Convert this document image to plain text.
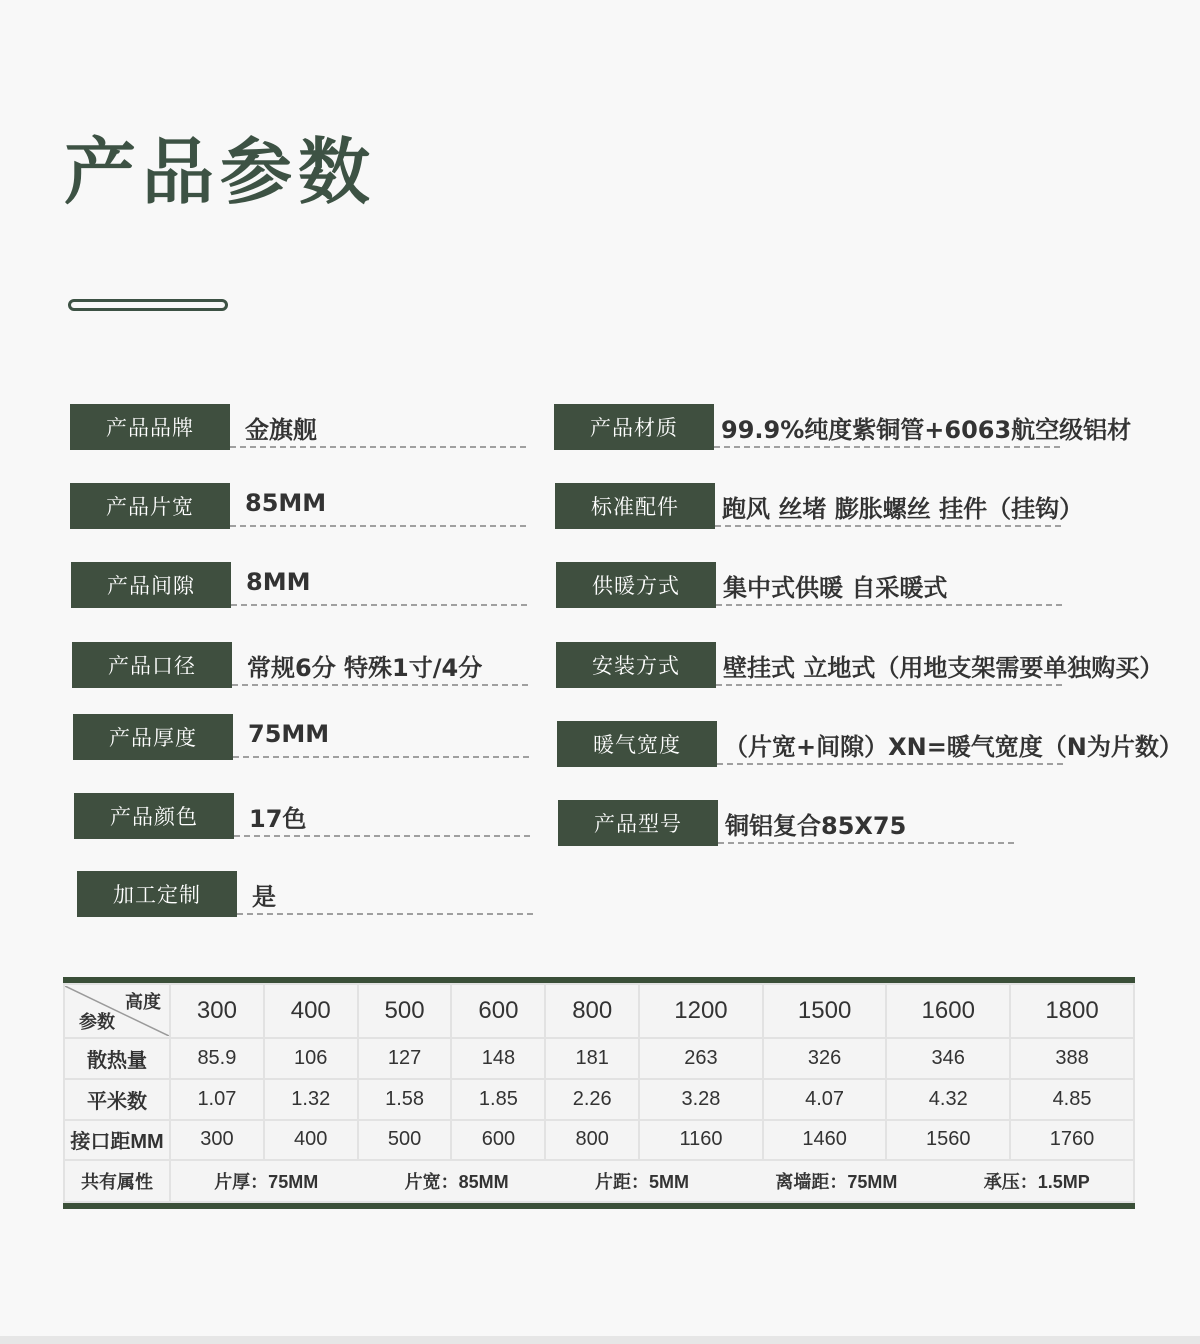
产品参数
产品品牌	金旗舰
产品片宽	85MM
产品间隙	8MM
产品口径	常规6分 特殊1寸/4分
产品厚度	75MM
产品颜色	17色
加工定制	是
产品材质	99.9%纯度紫铜管+6063航空级铝材
标准配件	跑风 丝堵 膨胀螺丝 挂件（挂钩）
供暖方式	集中式供暖 自采暖式
安装方式	壁挂式 立地式（用地支架需要单独购买）
暖气宽度	（片宽+间隙）XN=暖气宽度（N为片数）
产品型号	铜铝复合85X75
高度
参数	300	400	500	600	800	1200	1500	1600	1800
散热量	85.9	106	127	148	181	263	326	346	388
平米数	1.07	1.32	1.58	1.85	2.26	3.28	4.07	4.32	4.85
接口距MM	300	400	500	600	800	1160	1460	1560	1760
共有属性	片厚：75MM 片宽：85MM 片距：5MM 离墙距：75MM 承压：1.5MP								
